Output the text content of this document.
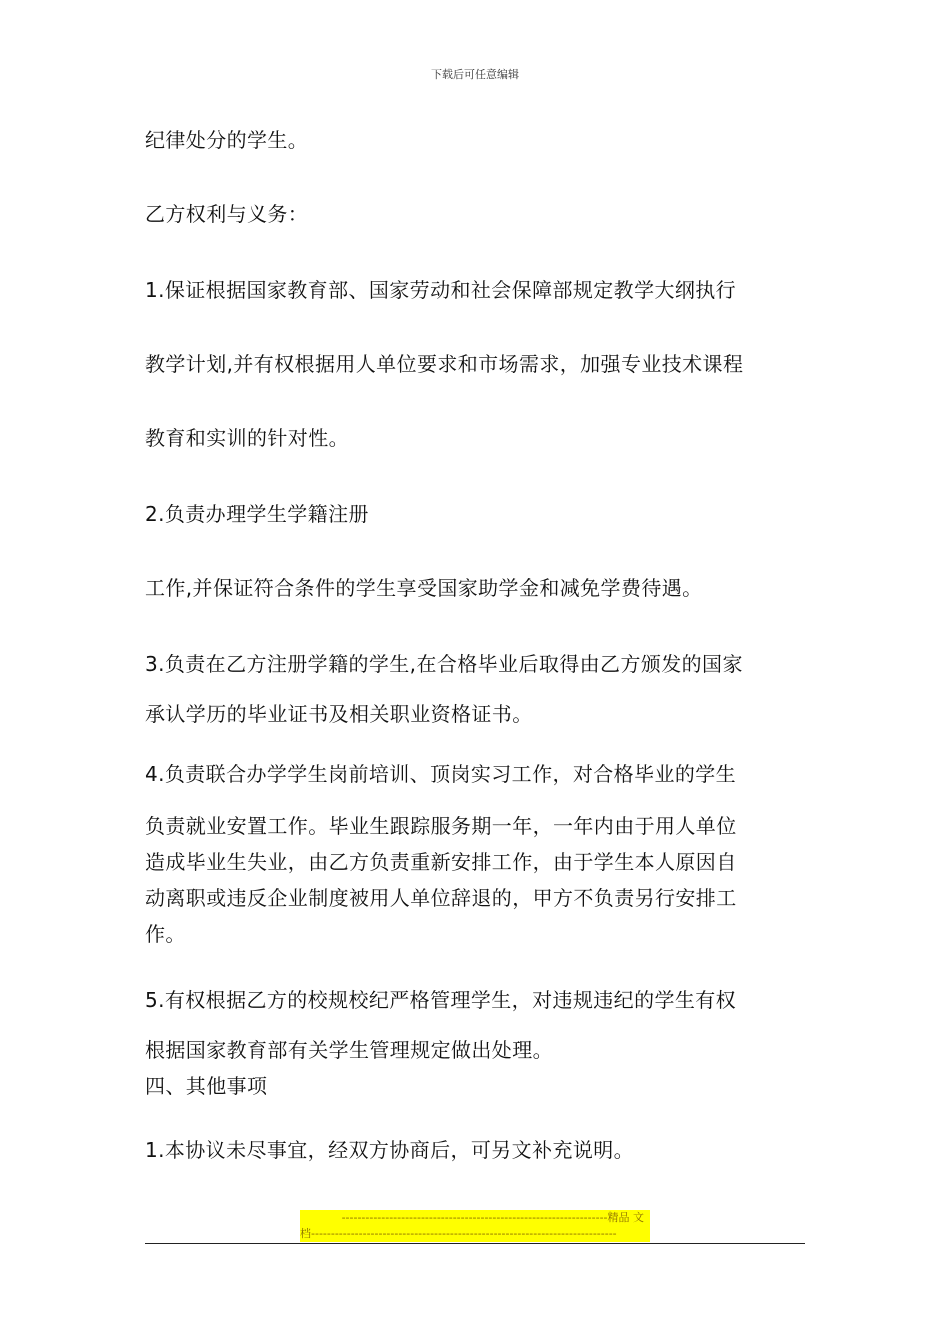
下载后可任意编辑

纪律处分的学生。

乙方权利与义务：

1.保证根据国家教育部、国家劳动和社会保障部规定教学大纲执行

教学计划,并有权根据用人单位要求和市场需求，加强专业技术课程

教育和实训的针对性。

2.负责办理学生学籍注册

工作,并保证符合条件的学生享受国家助学金和减免学费待遇。

3.负责在乙方注册学籍的学生,在合格毕业后取得由乙方颁发的国家

承认学历的毕业证书及相关职业资格证书。

4.负责联合办学学生岗前培训、顶岗实习工作，对合格毕业的学生

负责就业安置工作。毕业生跟踪服务期一年，一年内由于用人单位

造成毕业生失业，由乙方负责重新安排工作，由于学生本人原因自

动离职或违反企业制度被用人单位辞退的，甲方不负责另行安排工

作。

5.有权根据乙方的校规校纪严格管理学生，对违规违纪的学生有权

根据国家教育部有关学生管理规定做出处理。

四、其他事项

1.本协议未尽事宜，经双方协商后，可另文补充说明。

-------------------------------------------------------------------精品 文
档-----------------------------------------------------------------------------
